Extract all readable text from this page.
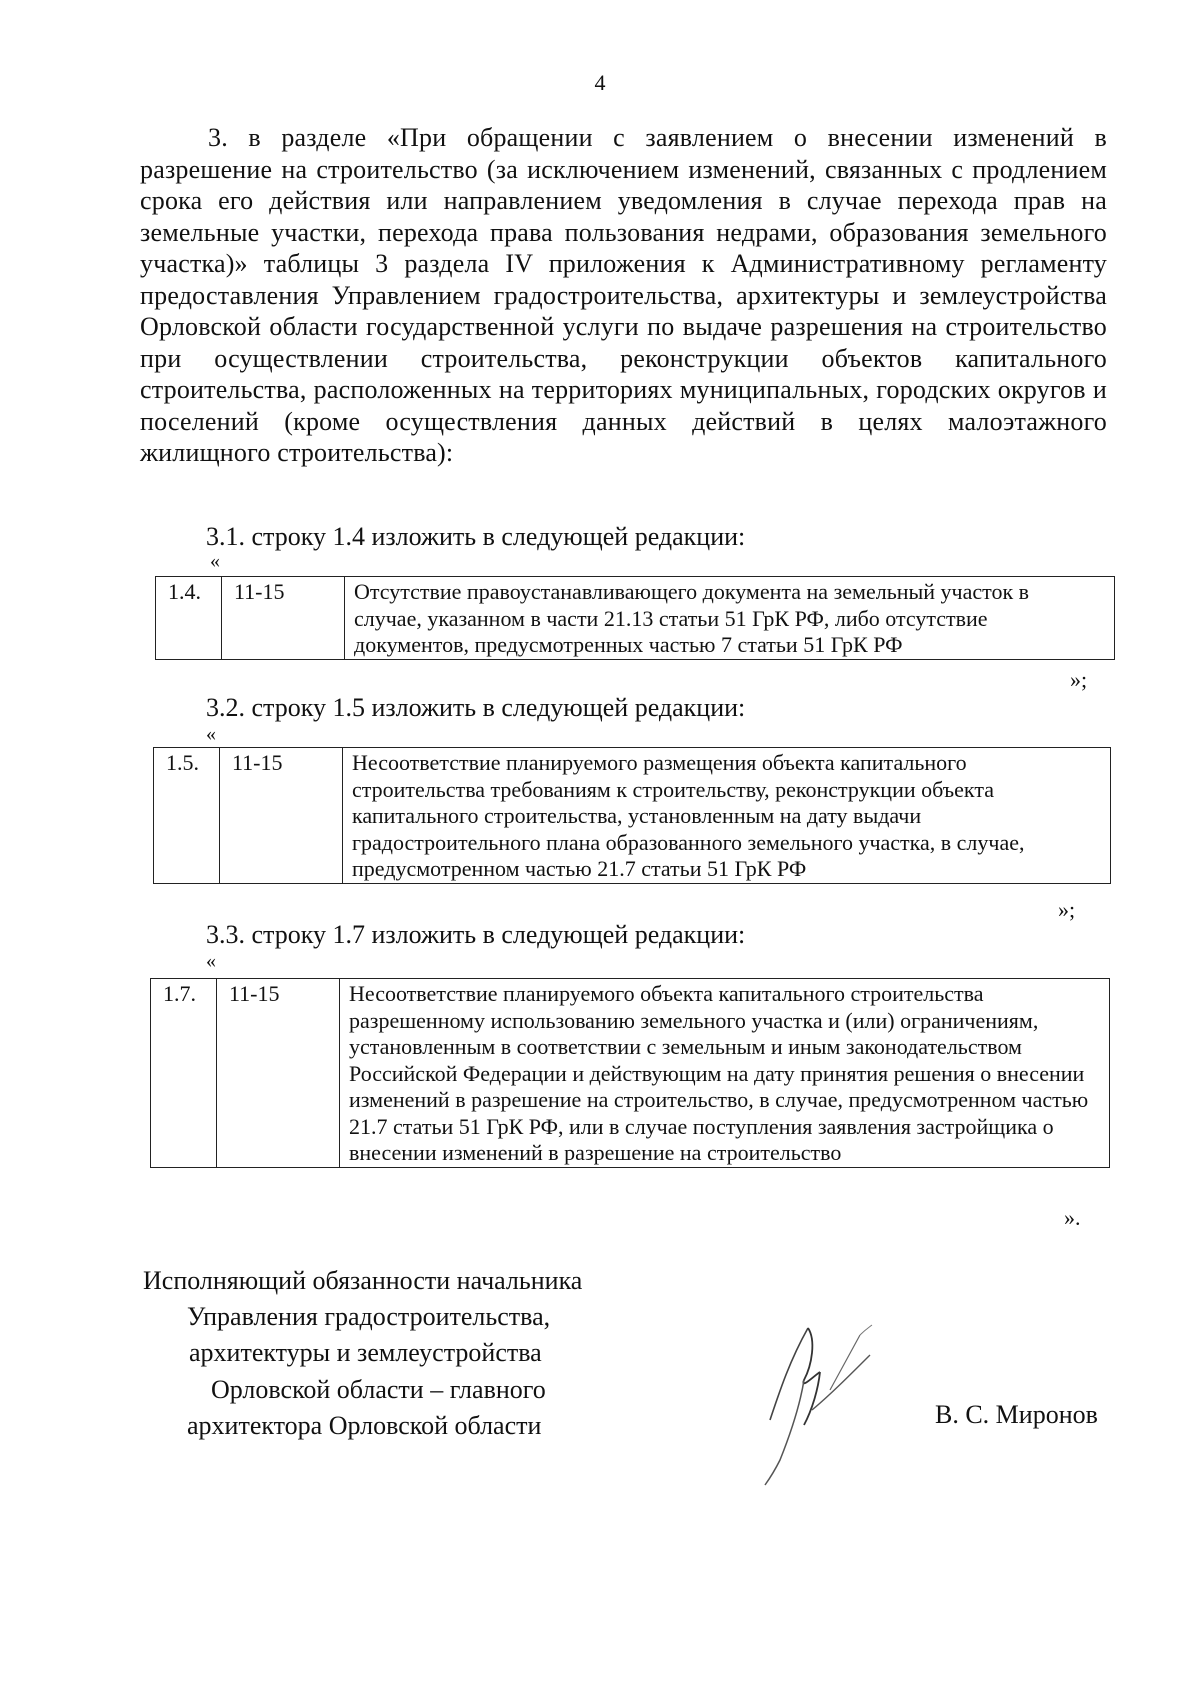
4

3. в разделе «При обращении с заявлением о внесении изменений в разрешение на строительство (за исключением изменений, связанных с продлением срока его действия или направлением уведомления в случае перехода прав на земельные участки, перехода права пользования недрами, образования земельного участка)» таблицы 3 раздела IV приложения к Административному регламенту предоставления Управлением градостроительства, архитектуры и землеустройства Орловской области государственной услуги по выдаче разрешения на строительство при осуществлении строительства, реконструкции объектов капитального строительства, расположенных на территориях муниципальных, городских округов и поселений (кроме осуществления данных действий в целях малоэтажного жилищного строительства):

3.1. строку 1.4 изложить в следующей редакции:
«
1.4.	11-15	Отсутствие правоустанавливающего документа на земельный участок в случае, указанном в части 21.13 статьи 51 ГрК РФ, либо отсутствие документов, предусмотренных частью 7 статьи 51 ГрК РФ
»;
3.2. строку 1.5 изложить в следующей редакции:
«
1.5.	11-15	Несоответствие планируемого размещения объекта капитального строительства требованиям к строительству, реконструкции объекта капитального строительства, установленным на дату выдачи градостроительного плана образованного земельного участка, в случае, предусмотренном частью 21.7 статьи 51 ГрК РФ
»;
3.3. строку 1.7 изложить в следующей редакции:
«
1.7.	11-15	Несоответствие планируемого объекта капитального строительства разрешенному использованию земельного участка и (или) ограничениям, установленным в соответствии с земельным и иным законодательством Российской Федерации и действующим на дату принятия решения о внесении изменений в разрешение на строительство, в случае, предусмотренном частью 21.7 статьи 51 ГрК РФ, или в случае поступления заявления застройщика о внесении изменений в разрешение на строительство
».
Исполняющий обязанности начальника
Управления градостроительства,
архитектуры и землеустройства
Орловской области – главного
архитектора Орловской области	В. С. Миронов
